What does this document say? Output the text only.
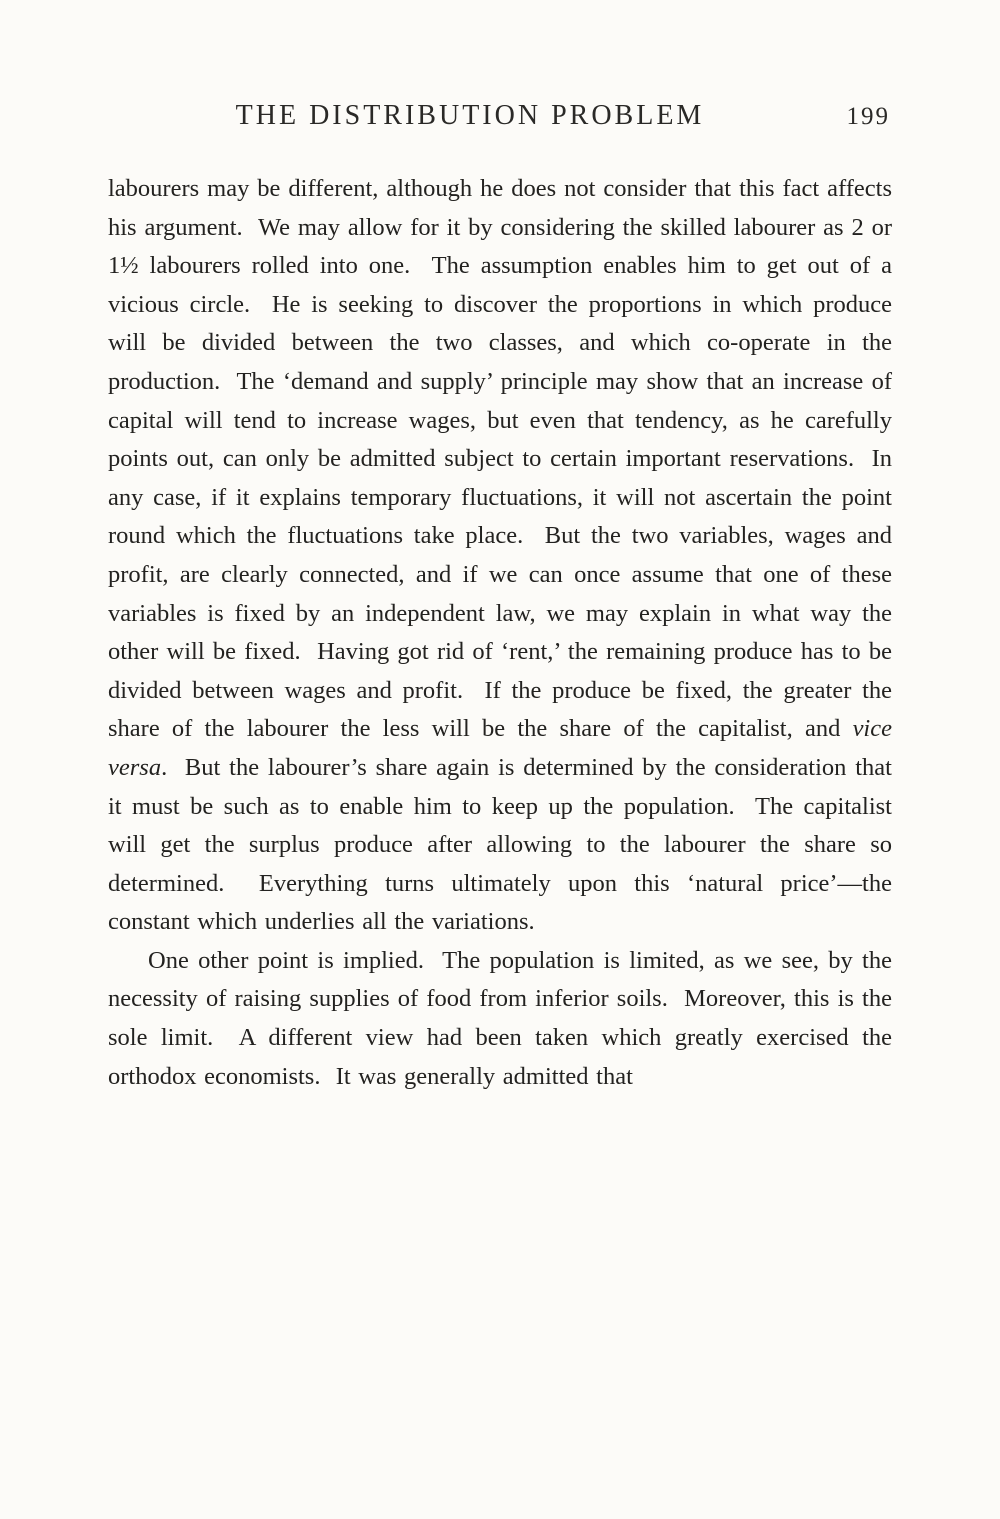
THE DISTRIBUTION PROBLEM	199

labourers may be different, although he does not consider that this fact affects his argument.  We may allow for it by considering the skilled labourer as 2 or 1½ labourers rolled into one.  The assumption enables him to get out of a vicious circle.  He is seeking to discover the proportions in which produce will be divided between the two classes, and which co-operate in the production.  The ‘demand and supply’ principle may show that an increase of capital will tend to increase wages, but even that tendency, as he carefully points out, can only be admitted subject to certain important reservations.  In any case, if it explains temporary fluctuations, it will not ascertain the point round which the fluctuations take place.  But the two variables, wages and profit, are clearly connected, and if we can once assume that one of these variables is fixed by an independent law, we may explain in what way the other will be fixed.  Having got rid of ‘rent,’ the remaining produce has to be divided between wages and profit.  If the produce be fixed, the greater the share of the labourer the less will be the share of the capitalist, and vice versa.  But the labourer’s share again is determined by the consideration that it must be such as to enable him to keep up the population.  The capitalist will get the surplus produce after allowing to the labourer the share so determined.  Everything turns ultimately upon this ‘natural price’—the constant which underlies all the variations.

One other point is implied.  The population is limited, as we see, by the necessity of raising supplies of food from inferior soils.  Moreover, this is the sole limit.  A different view had been taken which greatly exercised the orthodox economists.  It was generally admitted that
